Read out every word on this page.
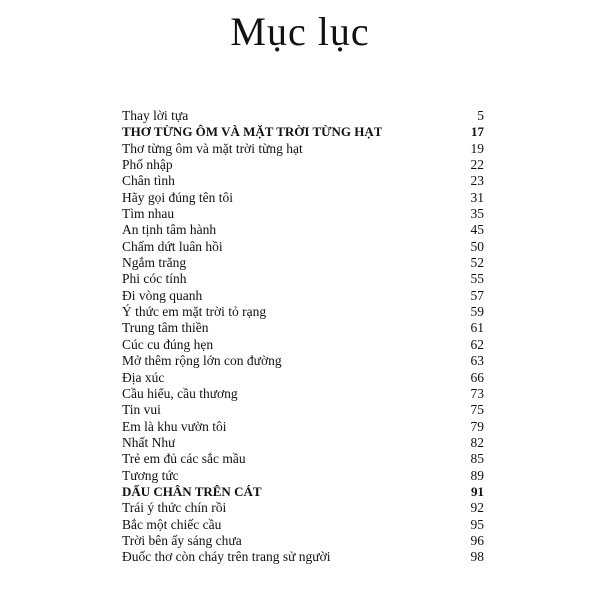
Mục lục
Thay lời tựa	5
THƠ TỪNG ÔM VÀ MẶT TRỜI TỪNG HẠT	17
Thơ từng ôm và mặt trời từng hạt	19
Phố nhập	22
Chân tình	23
Hãy gọi đúng tên tôi	31
Tìm nhau	35
An tịnh tâm hành	45
Chấm dứt luân hồi	50
Ngắm trăng	52
Phi cóc tính	55
Đi vòng quanh	57
Ý thức em mặt trời tỏ rạng	59
Trung tâm thiền	61
Cúc cu đúng hẹn	62
Mở thêm rộng lớn con đường	63
Địa xúc	66
Cầu hiểu, cầu thương	73
Tin vui	75
Em là khu vườn tôi	79
Nhất Như	82
Trẻ em đủ các sắc mầu	85
Tương tức	89
DẤU CHÂN TRÊN CÁT	91
Trái ý thức chín rồi	92
Bắc một chiếc cầu	95
Trời bên ấy sáng chưa	96
Đuốc thơ còn cháy trên trang sử người	98
